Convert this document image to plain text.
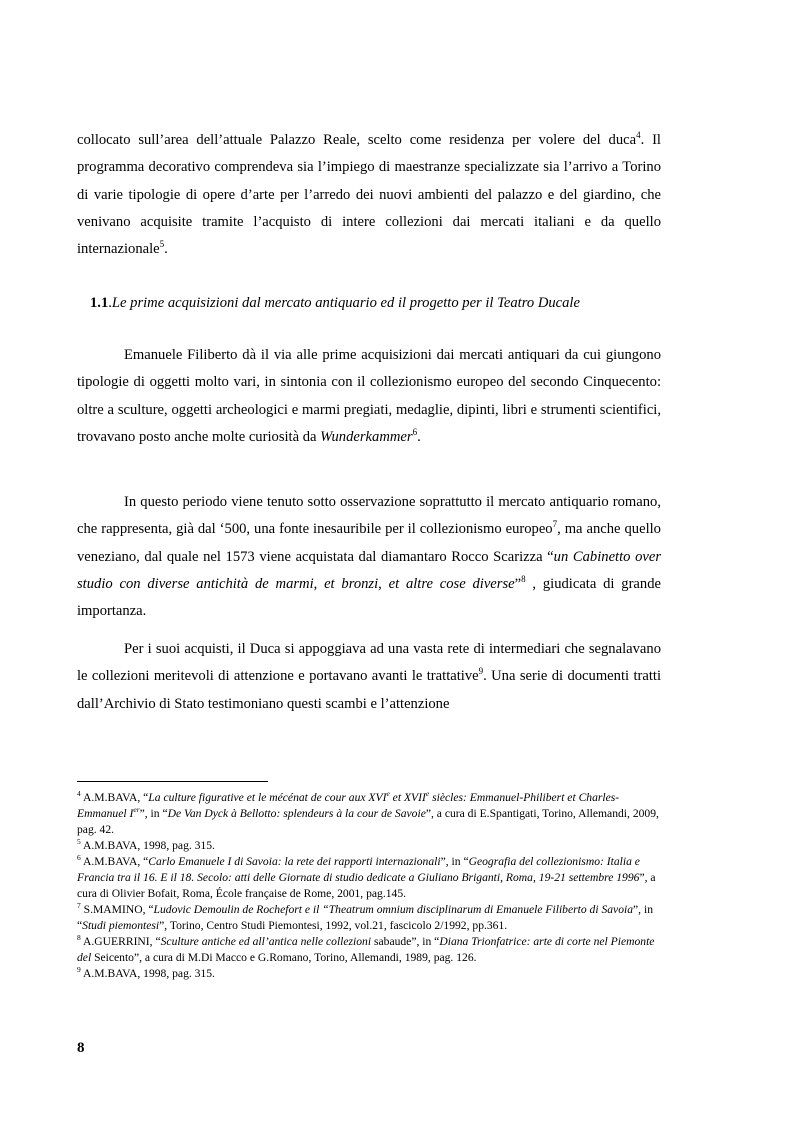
collocato sull’area dell’attuale Palazzo Reale, scelto come residenza per volere del duca$^4$. Il programma decorativo comprendeva sia l’impiego di maestranze specializzate sia l’arrivo a Torino di varie tipologie di opere d’arte per l’arredo dei nuovi ambienti del palazzo e del giardino, che venivano acquisite tramite l’acquisto di intere collezioni dai mercati italiani e da quello internazionale$^5$.

1.1.Le prime acquisizioni dal mercato antiquario ed il progetto per il Teatro Ducale

Emanuele Filiberto dà il via alle prime acquisizioni dai mercati antiquari da cui giungono tipologie di oggetti molto vari, in sintonia con il collezionismo europeo del secondo Cinquecento: oltre a sculture, oggetti archeologici e marmi pregiati, medaglie, dipinti, libri e strumenti scientifici, trovavano posto anche molte curiosità da Wunderkammer$^6$.

In questo periodo viene tenuto sotto osservazione soprattutto il mercato antiquario romano, che rappresenta, già dal ‘500, una fonte inesauribile per il collezionismo europeo$^7$, ma anche quello veneziano, dal quale nel 1573 viene acquistata dal diamantaro Rocco Scarizza “un Cabinetto over studio con diverse antichità de marmi, et bronzi, et altre cose diverse”$^8$ , giudicata di grande importanza.

Per i suoi acquisti, il Duca si appoggiava ad una vasta rete di intermediari che segnalavano le collezioni meritevoli di attenzione e portavano avanti le trattative$^9$. Una serie di documenti tratti dall’Archivio di Stato testimoniano questi scambi e l’attenzione

$^4$ A.M.BAVA, “La culture figurative et le mécénat de cour aux XVIe et XVIIe siècles: Emmanuel-Philibert et Charles-Emmanuel Ier”, in “De Van Dyck à Bellotto: splendeurs à la cour de Savoie”, a cura di E.Spantigati, Torino, Allemandi, 2009, pag. 42.

$^5$ A.M.BAVA, 1998, pag. 315.

$^6$ A.M.BAVA, “Carlo Emanuele I di Savoia: la rete dei rapporti internazionali”, in “Geografia del collezionismo: Italia e Francia tra il 16. E il 18. Secolo: atti delle Giornate di studio dedicate a Giuliano Briganti, Roma, 19-21 settembre 1996”, a cura di Olivier Bofait, Roma, École française de Rome, 2001, pag.145.

$^7$ S.MAMINO, “Ludovic Demoulin de Rochefort e il “Theatrum omnium disciplinarum di Emanuele Filiberto di Savoia”, in “Studi piemontesi”, Torino, Centro Studi Piemontesi, 1992, vol.21, fascicolo 2/1992, pp.361.

$^8$ A.GUERRINI, “Sculture antiche ed all’antica nelle collezioni sabaude”, in “Diana Trionfatrice: arte di corte nel Piemonte del Seicento”, a cura di M.Di Macco e G.Romano, Torino, Allemandi, 1989, pag. 126.

$^9$ A.M.BAVA, 1998, pag. 315.

8
